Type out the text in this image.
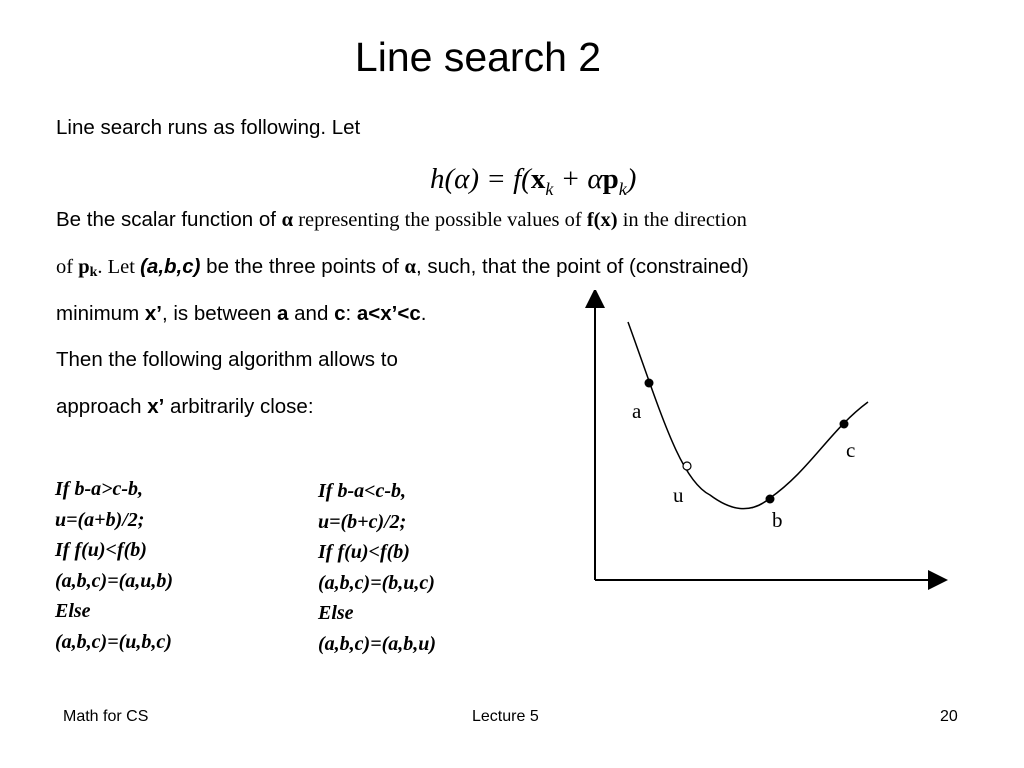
Line search 2
Line search runs as following. Let
$h(\alpha) = f(x_k + \alpha p_k)$
Be the scalar function of α representing the possible values of f(x) in the direction
of pk. Let (a,b,c) be the three points of α, such, that the point of (constrained)
minimum x’, is between a and c: a<x’<c.
Then the following algorithm allows to
approach x’ arbitrarily close:
If b-a>c-b,
u=(a+b)/2;
If f(u)<f(b)
(a,b,c)=(a,u,b)
Else
(a,b,c)=(u,b,c)
If b-a<c-b,
u=(b+c)/2;
If f(u)<f(b)
(a,b,c)=(b,u,c)
Else
(a,b,c)=(a,b,u)
a
u
b
c
Math for CS	Lecture 5	20
